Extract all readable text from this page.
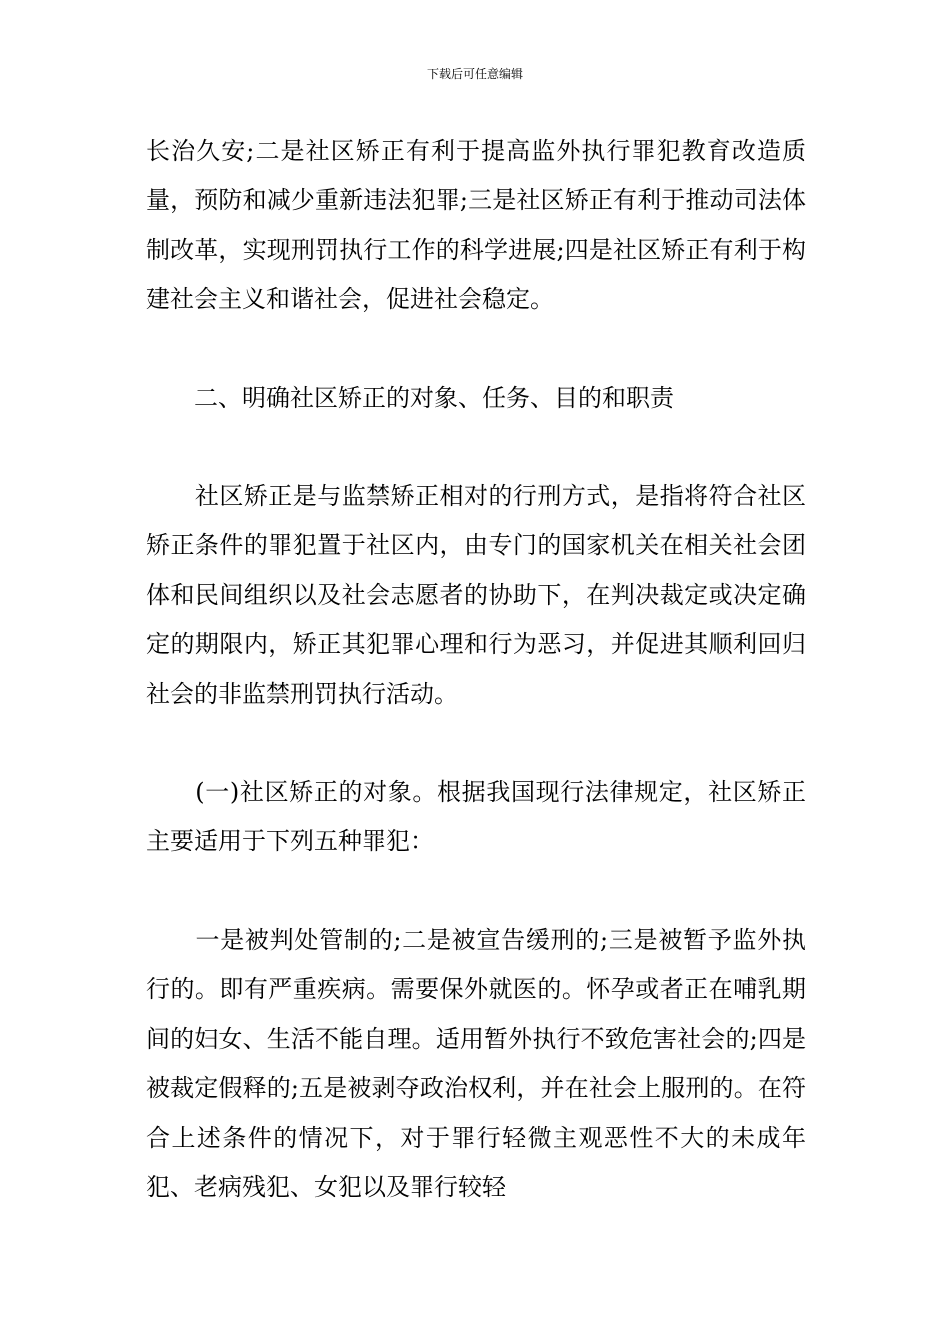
下载后可任意编辑

长治久安;二是社区矫正有利于提高监外执行罪犯教育改造质量，预防和减少重新违法犯罪;三是社区矫正有利于推动司法体制改革，实现刑罚执行工作的科学进展;四是社区矫正有利于构建社会主义和谐社会，促进社会稳定。

　　二、明确社区矫正的对象、任务、目的和职责

　　社区矫正是与监禁矫正相对的行刑方式，是指将符合社区矫正条件的罪犯置于社区内，由专门的国家机关在相关社会团体和民间组织以及社会志愿者的协助下，在判决裁定或决定确定的期限内，矫正其犯罪心理和行为恶习，并促进其顺利回归社会的非监禁刑罚执行活动。

　　(一)社区矫正的对象。根据我国现行法律规定，社区矫正主要适用于下列五种罪犯：

　　一是被判处管制的;二是被宣告缓刑的;三是被暂予监外执行的。即有严重疾病。需要保外就医的。怀孕或者正在哺乳期间的妇女、生活不能自理。适用暂外执行不致危害社会的;四是被裁定假释的;五是被剥夺政治权利，并在社会上服刑的。在符合上述条件的情况下，对于罪行轻微主观恶性不大的未成年犯、老病残犯、女犯以及罪行较轻
